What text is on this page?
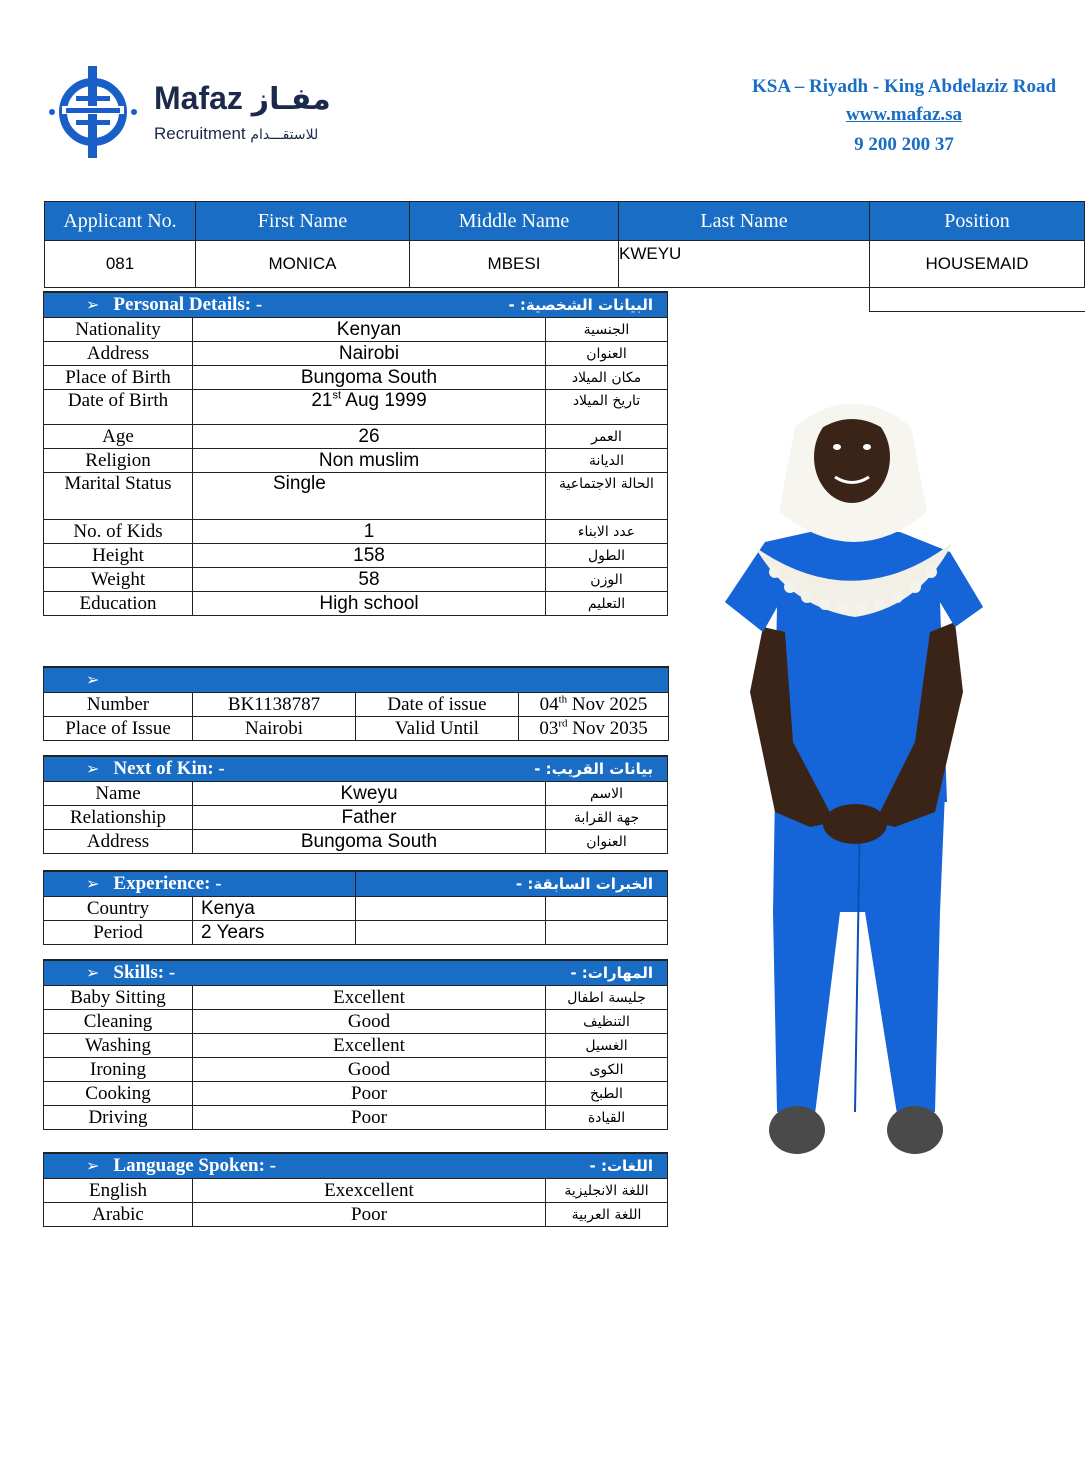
Mafaz مفـاز
Recruitment للاستقـــدام
KSA – Riyadh - King Abdelaziz Road
www.mafaz.sa
9 200 200 37
Applicant No.	First Name	Middle Name	Last Name	Position
081	MONICA	MBESI	KWEYU	HOUSEMAID
➢ Personal Details: -		البيانات الشخصية: -
Nationality	Kenyan	الجنسية
Address	Nairobi	العنوان
Place of Birth	Bungoma South	مكان الميلاد
Date of Birth	21st Aug 1999	تاريخ الميلاد
Age	26	العمر
Religion	Non muslim	الديانة
Marital Status	Single	الحالة الاجتماعية
No. of Kids	1	عدد الابناء
Height	158	الطول
Weight	58	الوزن
Education	High school	التعليم
➢			
Number	BK1138787	Date of issue	04th Nov 2025
Place of Issue	Nairobi	Valid Until	03rd Nov 2035
➢ Next of Kin: -		بيانات القريب: -
Name	Kweyu	الاسم
Relationship	Father	جهة القرابة
Address	Bungoma South	العنوان
➢ Experience: -		الخبرات السابقة: -	
Country	Kenya		
Period	2 Years		
➢ Skills: -		المهارات: -
Baby Sitting	Excellent	جليسة اطفال
Cleaning	Good	التنظيف
Washing	Excellent	الغسيل
Ironing	Good	الكوى
Cooking	Poor	الطبخ
Driving	Poor	القيادة
➢ Language Spoken: -		اللغات: -
English	Exexcellent	اللغة الانجليزية
Arabic	Poor	اللغة العربية
